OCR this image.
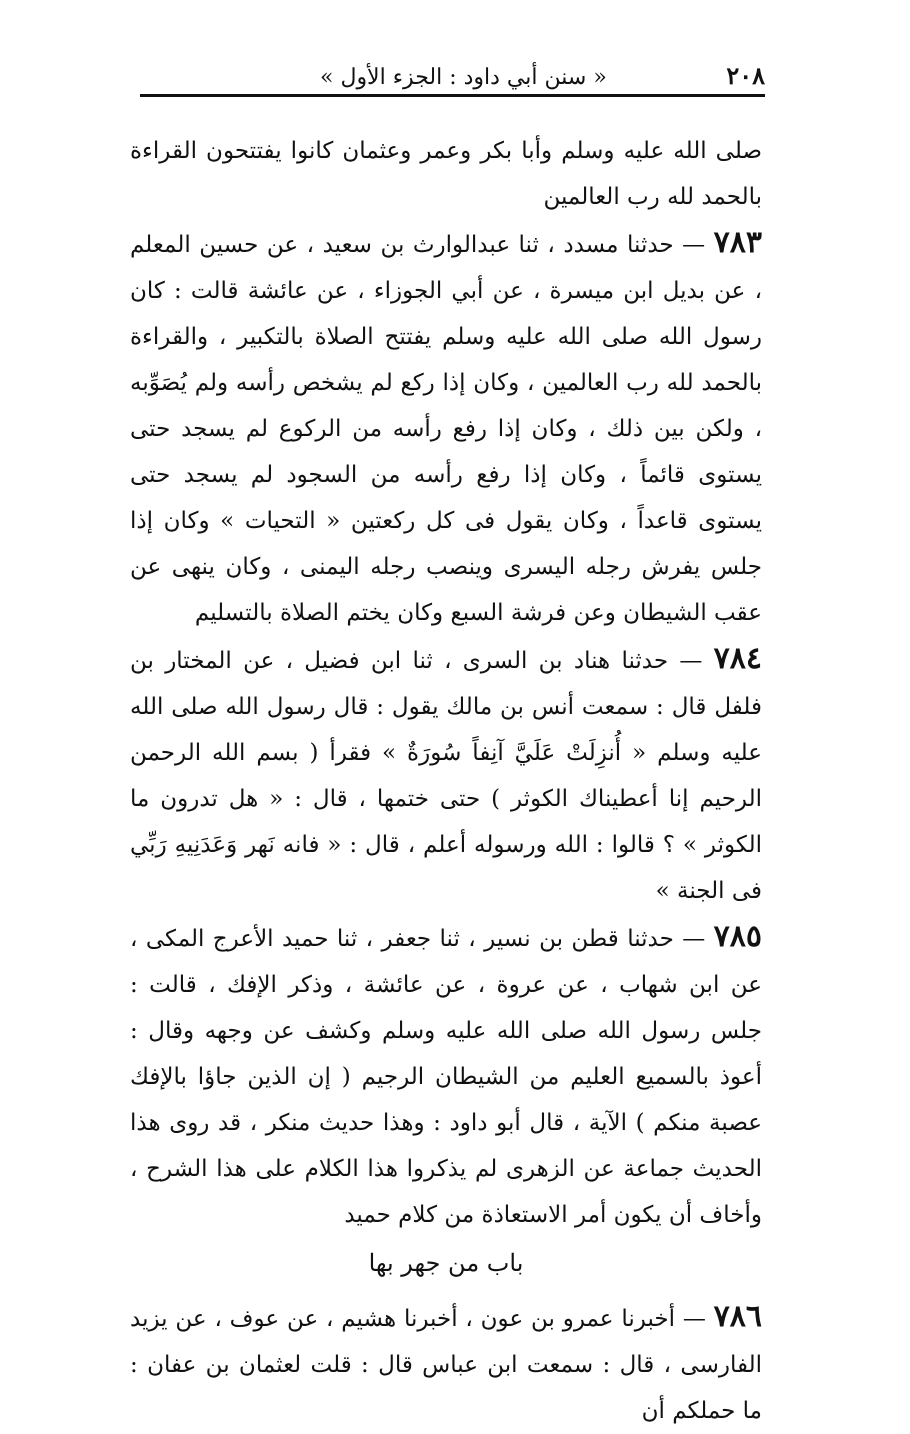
٢٠٨
« سنن أبي داود : الجزء الأول »

صلى الله عليه وسلم وأبا بكر وعمر وعثمان كانوا يفتتحون القراءة بالحمد لله رب العالمين

٧٨٣ — حدثنا مسدد ، ثنا عبدالوارث بن سعيد ، عن حسين المعلم ، عن بديل ابن ميسرة ، عن أبي الجوزاء ، عن عائشة قالت : كان رسول الله صلى الله عليه وسلم يفتتح الصلاة بالتكبير ، والقراءة بالحمد لله رب العالمين ، وكان إذا ركع لم يشخص رأسه ولم يُصَوِّبه ، ولكن بين ذلك ، وكان إذا رفع رأسه من الركوع لم يسجد حتى يستوى قائماً ، وكان إذا رفع رأسه من السجود لم يسجد حتى يستوى قاعداً ، وكان يقول فى كل ركعتين « التحيات » وكان إذا جلس يفرش رجله اليسرى وينصب رجله اليمنى ، وكان ينهى عن عقب الشيطان وعن فرشة السبع وكان يختم الصلاة بالتسليم

٧٨٤ — حدثنا هناد بن السرى ، ثنا ابن فضيل ، عن المختار بن فلفل قال : سمعت أنس بن مالك يقول : قال رسول الله صلى الله عليه وسلم « أُنزِلَتْ عَلَيَّ آنِفاً سُورَةٌ » فقرأ ( بسم الله الرحمن الرحيم إنا أعطيناك الكوثر ) حتى ختمها ، قال : « هل تدرون ما الكوثر » ؟ قالوا : الله ورسوله أعلم ، قال : « فانه نَهر وَعَدَنِيهِ رَبِّي فى الجنة »

٧٨٥ — حدثنا قطن بن نسير ، ثنا جعفر ، ثنا حميد الأعرج المكى ، عن ابن شهاب ، عن عروة ، عن عائشة ، وذكر الإفك ، قالت : جلس رسول الله صلى الله عليه وسلم وكشف عن وجهه وقال : أعوذ بالسميع العليم من الشيطان الرجيم ( إن الذين جاؤا بالإفك عصبة منكم ) الآية ، قال أبو داود : وهذا حديث منكر ، قد روى هذا الحديث جماعة عن الزهرى لم يذكروا هذا الكلام على هذا الشرح ، وأخاف أن يكون أمر الاستعاذة من كلام حميد

باب من جهر بها

٧٨٦ — أخبرنا عمرو بن عون ، أخبرنا هشيم ، عن عوف ، عن يزيد الفارسى ، قال : سمعت ابن عباس قال : قلت لعثمان بن عفان : ما حملكم أن
